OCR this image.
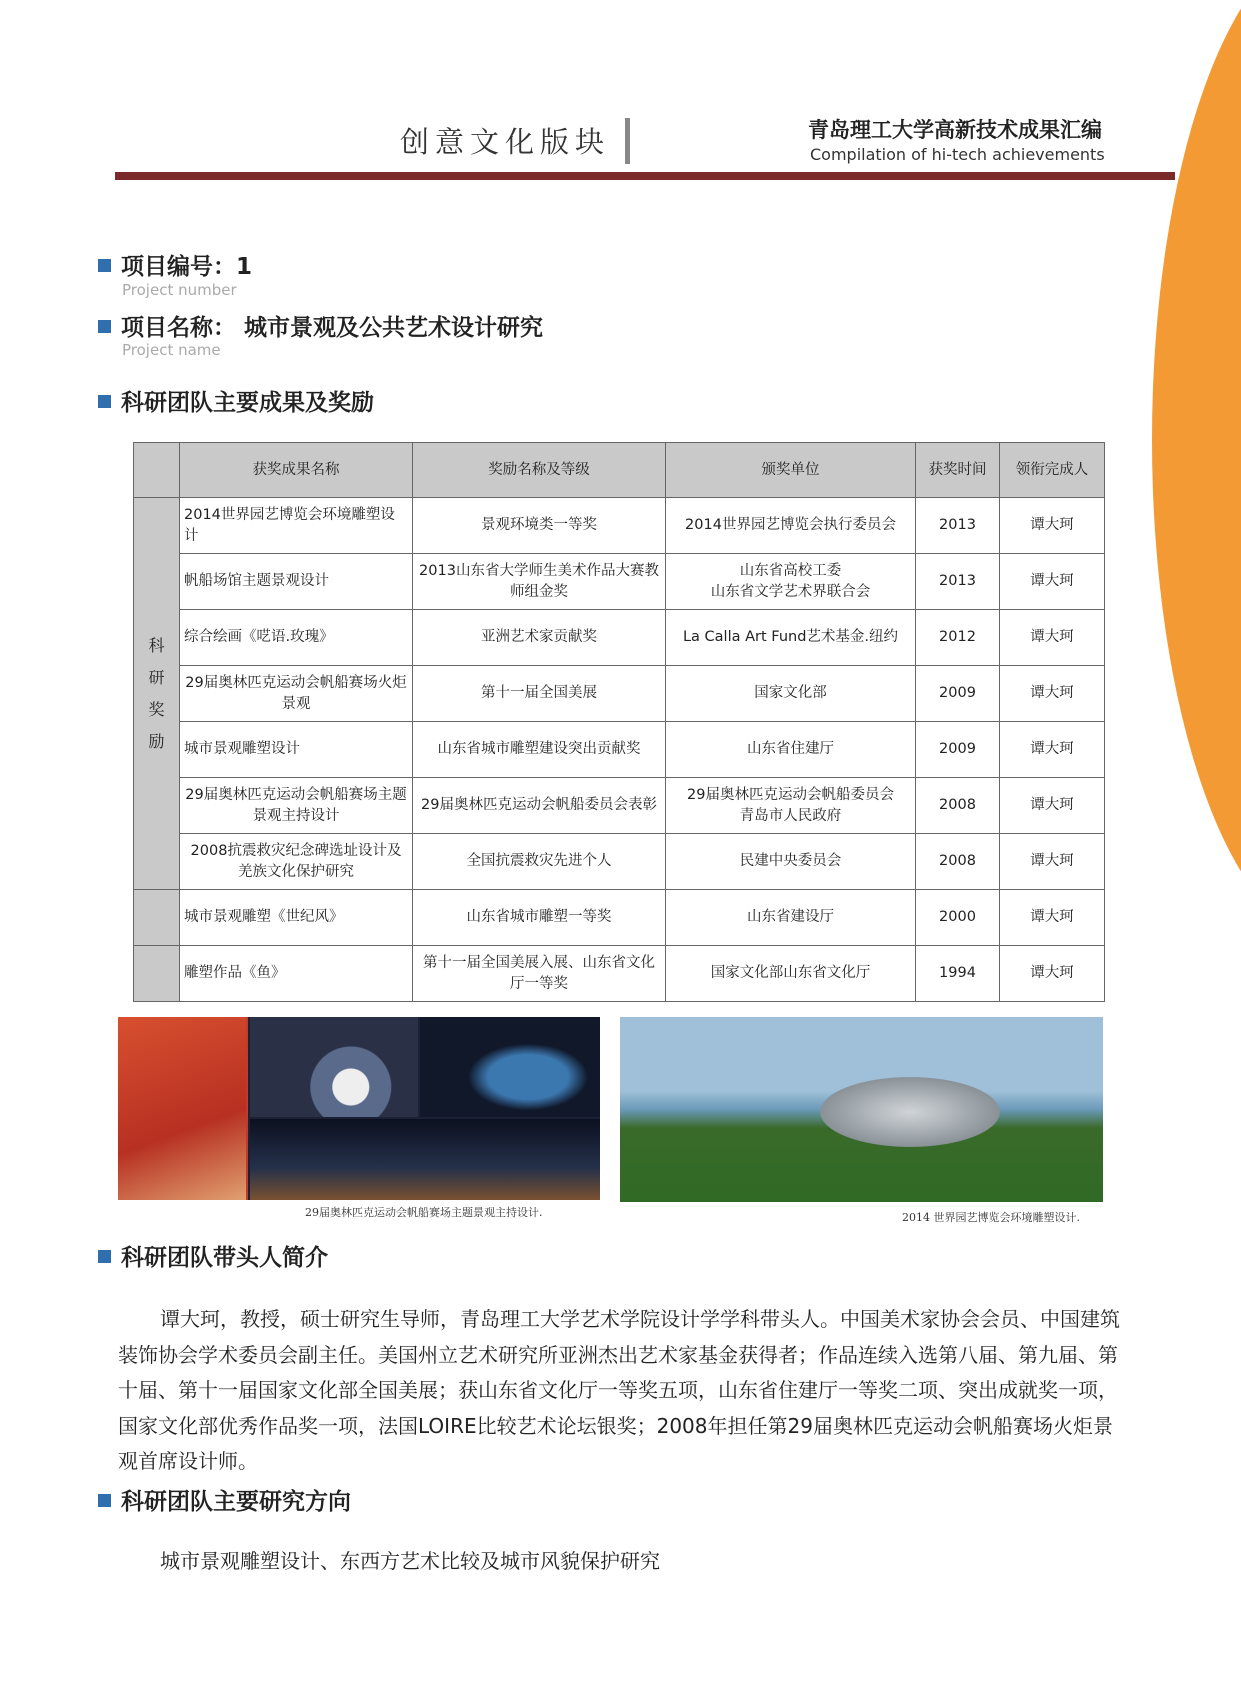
创意文化版块	青岛理工大学高新技术成果汇编
Compilation of hi-tech achievements
项目编号：1
Project number
项目名称： 城市景观及公共艺术设计研究
Project name
科研团队主要成果及奖励
	获奖成果名称	奖励名称及等级	颁奖单位	获奖时间	领衔完成人
科
研
奖
励	2014世界园艺博览会环境雕塑设计	景观环境类一等奖	2014世界园艺博览会执行委员会	2013	谭大珂
	帆船场馆主题景观设计	2013山东省大学师生美术作品大赛教师组金奖	山东省高校工委
山东省文学艺术界联合会	2013	谭大珂
	综合绘画《呓语.玫瑰》	亚洲艺术家贡献奖	La Calla Art Fund艺术基金.纽约	2012	谭大珂
	29届奥林匹克运动会帆船赛场火炬景观	第十一届全国美展	国家文化部	2009	谭大珂
	城市景观雕塑设计	山东省城市雕塑建设突出贡献奖	山东省住建厅	2009	谭大珂
	29届奥林匹克运动会帆船赛场主题景观主持设计	29届奥林匹克运动会帆船委员会表彰	29届奥林匹克运动会帆船委员会
青岛市人民政府	2008	谭大珂
	2008抗震救灾纪念碑选址设计及羌族文化保护研究	全国抗震救灾先进个人	民建中央委员会	2008	谭大珂
	城市景观雕塑《世纪风》	山东省城市雕塑一等奖	山东省建设厅	2000	谭大珂
	雕塑作品《鱼》	第十一届全国美展入展、山东省文化厅一等奖	国家文化部山东省文化厅	1994	谭大珂
29届奥林匹克运动会帆船赛场主题景观主持设计.	2014 世界园艺博览会环境雕塑设计.
科研团队带头人简介
谭大珂，教授，硕士研究生导师，青岛理工大学艺术学院设计学学科带头人。中国美术家协会会员、中国建筑装饰协会学术委员会副主任。美国州立艺术研究所亚洲杰出艺术家基金获得者；作品连续入选第八届、第九届、第十届、第十一届国家文化部全国美展；获山东省文化厅一等奖五项，山东省住建厅一等奖二项、突出成就奖一项，国家文化部优秀作品奖一项，法国LOIRE比较艺术论坛银奖；2008年担任第29届奥林匹克运动会帆船赛场火炬景观首席设计师。
科研团队主要研究方向
城市景观雕塑设计、东西方艺术比较及城市风貌保护研究
